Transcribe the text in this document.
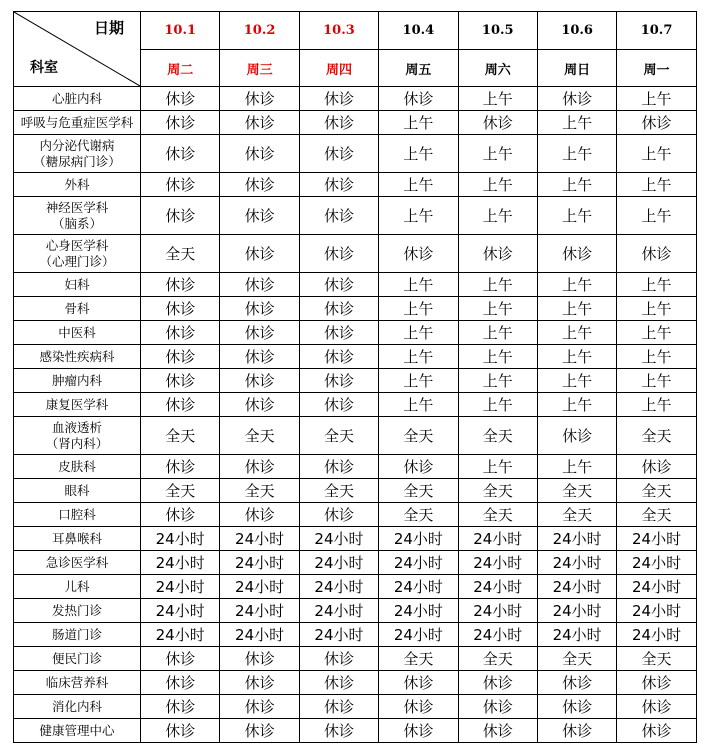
日期
科室	10.1	10.2	10.3	10.4	10.5	10.6	10.7
	周二	周三	周四	周五	周六	周日	周一

心脏内科	休诊	休诊	休诊	休诊	上午	休诊	上午

呼吸与危重症医学科	休诊	休诊	休诊	上午	休诊	上午	休诊

内分泌代谢病
（糖尿病门诊）	休诊	休诊	休诊	上午	上午	上午	上午

外科	休诊	休诊	休诊	上午	上午	上午	上午

神经医学科
（脑系）	休诊	休诊	休诊	上午	上午	上午	上午

心身医学科
（心理门诊）	全天	休诊	休诊	休诊	休诊	休诊	休诊

妇科	休诊	休诊	休诊	上午	上午	上午	上午

骨科	休诊	休诊	休诊	上午	上午	上午	上午

中医科	休诊	休诊	休诊	上午	上午	上午	上午

感染性疾病科	休诊	休诊	休诊	上午	上午	上午	上午

肿瘤内科	休诊	休诊	休诊	上午	上午	上午	上午

康复医学科	休诊	休诊	休诊	上午	上午	上午	上午

血液透析
（肾内科）	全天	全天	全天	全天	全天	休诊	全天

皮肤科	休诊	休诊	休诊	休诊	上午	上午	休诊

眼科	全天	全天	全天	全天	全天	全天	全天

口腔科	休诊	休诊	休诊	全天	全天	全天	全天

耳鼻喉科	24小时	24小时	24小时	24小时	24小时	24小时	24小时

急诊医学科	24小时	24小时	24小时	24小时	24小时	24小时	24小时

儿科	24小时	24小时	24小时	24小时	24小时	24小时	24小时

发热门诊	24小时	24小时	24小时	24小时	24小时	24小时	24小时

肠道门诊	24小时	24小时	24小时	24小时	24小时	24小时	24小时

便民门诊	休诊	休诊	休诊	全天	全天	全天	全天

临床营养科	休诊	休诊	休诊	休诊	休诊	休诊	休诊

消化内科	休诊	休诊	休诊	休诊	休诊	休诊	休诊

健康管理中心	休诊	休诊	休诊	休诊	休诊	休诊	休诊
